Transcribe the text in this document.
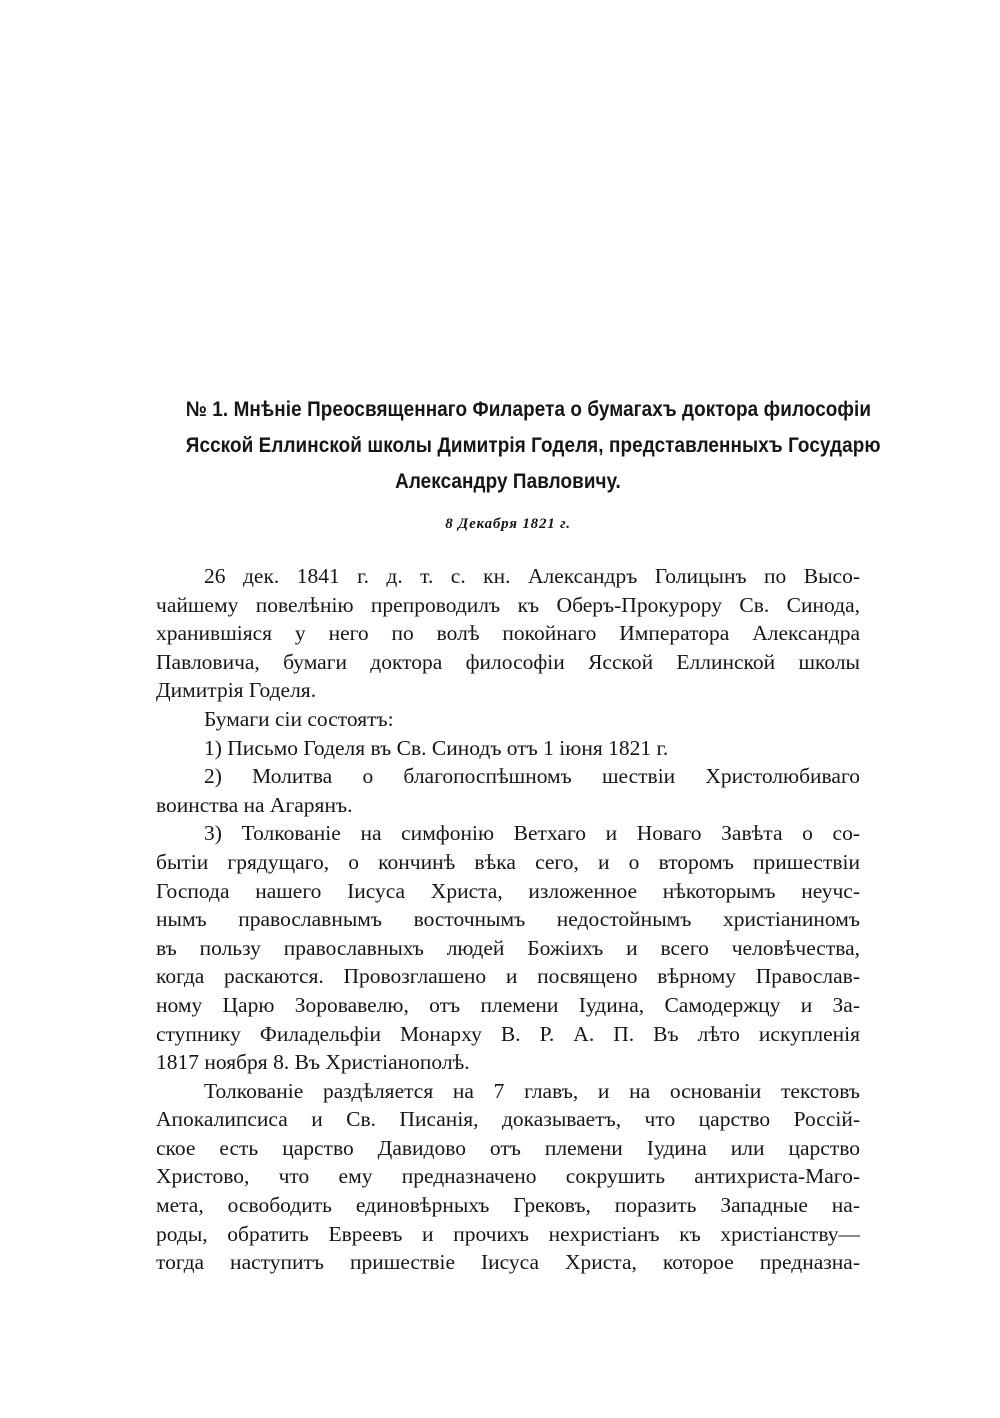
№ 1. Мнѣніе Преосвященнаго Филарета о бумагахъ доктора философіи
Ясской Еллинской школы Димитрія Годеля, представленныхъ Государю
Александру Павловичу.

8 Декабря 1821 г.

26 дек. 1841 г. д. т. с. кн. Александръ Голицынъ по Высо-
чайшему повелѣнію препроводилъ къ Оберъ-Прокурору Св. Синода,
хранившіяся у него по волѣ покойнаго Императора Александра
Павловича, бумаги доктора философіи Ясской Еллинской школы
Димитрія Годеля.
Бумаги сіи состоятъ:
1) Письмо Годеля въ Св. Синодъ отъ 1 іюня 1821 г.
2) Молитва о благопоспѣшномъ шествіи Христолюбиваго
воинства на Агарянъ.
3) Толкованіе на симфонію Ветхаго и Новаго Завѣта о со-
бытіи грядущаго, о кончинѣ вѣка сего, и о второмъ пришествіи
Господа нашего Іисуса Христа, изложенное нѣкоторымъ неучс-
нымъ православнымъ восточнымъ недостойнымъ христіаниномъ
въ пользу православныхъ людей Божіихъ и всего человѣчества,
когда раскаются. Провозглашено и посвящено вѣрному Православ-
ному Царю Зоровавелю, отъ племени Іудина, Самодержцу и За-
ступнику Филадельфіи Монарху В. Р. А. П. Въ лѣто искупленія
1817 ноября 8. Въ Христіанополѣ.
Толкованіе раздѣляется на 7 главъ, и на основаніи текстовъ
Апокалипсиса и Св. Писанія, доказываетъ, что царство Россій-
ское есть царство Давидово отъ племени Іудина или царство
Христово, что ему предназначено сокрушить антихриста-Маго-
мета, освободить единовѣрныхъ Грековъ, поразить Западные на-
роды, обратить Евреевъ и прочихъ нехристіанъ къ христіанству—
тогда наступитъ пришествіе Іисуса Христа, которое предназна-
